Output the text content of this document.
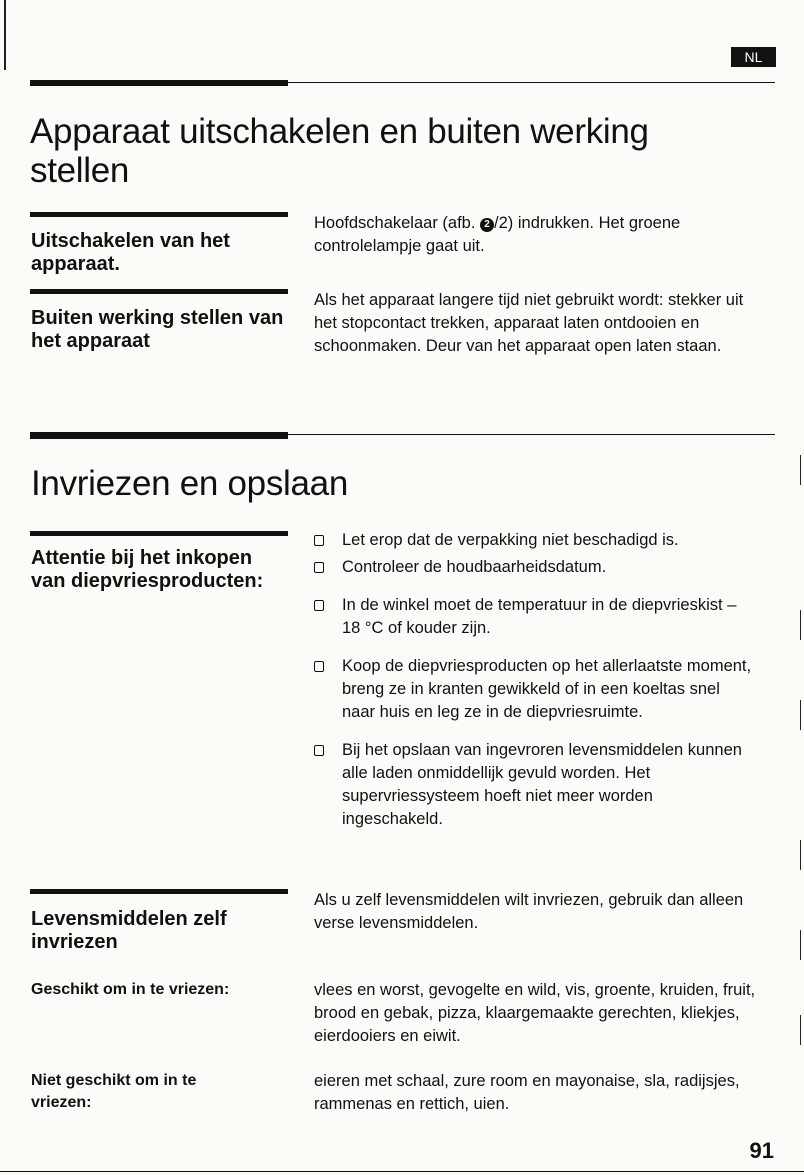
NL
Apparaat uitschakelen en buiten werking
stellen
Uitschakelen van het apparaat.
Hoofdschakelaar (afb. 2 /2) indrukken. Het groene controlelampje gaat uit.
Buiten werking stellen van het apparaat
Als het apparaat langere tijd niet gebruikt wordt: stekker uit het stopcontact trekken, apparaat laten ontdooien en schoonmaken. Deur van het apparaat open laten staan.
Invriezen en opslaan
Attentie bij het inkopen van diepvriesproducten:
Let erop dat de verpakking niet beschadigd is.
Controleer de houdbaarheidsdatum.
In de winkel moet de temperatuur in de diepvrieskist –18 °C of kouder zijn.
Koop de diepvriesproducten op het allerlaatste moment, breng ze in kranten gewikkeld of in een koeltas snel naar huis en leg ze in de diepvriesruimte.
Bij het opslaan van ingevroren levensmiddelen kunnen alle laden onmiddellijk gevuld worden. Het supervriessysteem hoeft niet meer worden ingeschakeld.
Levensmiddelen zelf invriezen
Als u zelf levensmiddelen wilt invriezen, gebruik dan alleen verse levensmiddelen.
Geschikt om in te vriezen:	vlees en worst, gevogelte en wild, vis, groente, kruiden, fruit, brood en gebak, pizza, klaargemaakte gerechten, kliekjes, eierdooiers en eiwit.
Niet geschikt om in te vriezen:
eieren met schaal, zure room en mayonaise, sla, radijsjes, rammenas en rettich, uien.
91
